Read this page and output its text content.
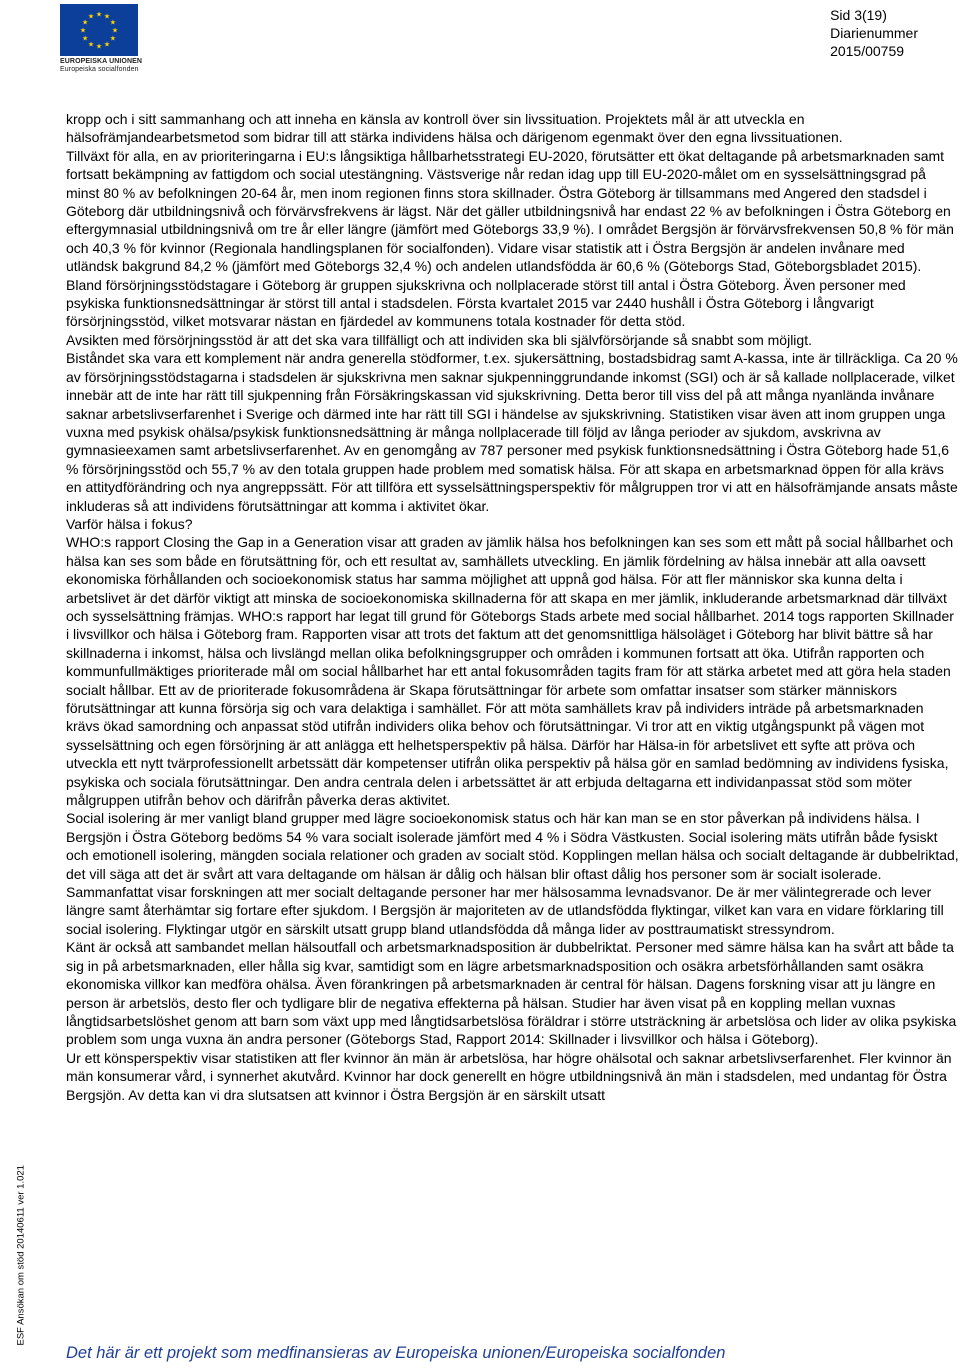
★ ★
★
★
★
★
★
★
★
★
★
★
EUROPEISKA UNIONEN
Europeiska socialfonden
Sid 3(19)
Diarienummer
2015/00759

kropp och i sitt sammanhang och att inneha en känsla av kontroll över sin livssituation. Projektets mål är att utveckla en hälsofrämjandearbetsmetod som bidrar till att stärka individens hälsa och därigenom egenmakt över den egna livssituationen.

Tillväxt för alla, en av prioriteringarna i EU:s långsiktiga hållbarhetsstrategi EU-2020, förutsätter ett ökat deltagande på arbetsmarknaden samt fortsatt bekämpning av fattigdom och social utestängning. Västsverige når redan idag upp till EU-2020-målet om en sysselsättningsgrad på minst 80 % av befolkningen 20-64 år, men inom regionen finns stora skillnader. Östra Göteborg är tillsammans med Angered den stadsdel i Göteborg där utbildningsnivå och förvärvsfrekvens är lägst. När det gäller utbildningsnivå har endast 22 % av befolkningen i Östra Göteborg en eftergymnasial utbildningsnivå om tre år eller längre (jämfört med Göteborgs 33,9 %). I området Bergsjön är förvärvsfrekvensen 50,8 % för män och 40,3 % för kvinnor (Regionala handlingsplanen för socialfonden). Vidare visar statistik att i Östra Bergsjön är andelen invånare med utländsk bakgrund 84,2 % (jämfört med Göteborgs 32,4 %) och andelen utlandsfödda är 60,6 % (Göteborgs Stad, Göteborgsbladet 2015).

Bland försörjningsstödstagare i Göteborg är gruppen sjukskrivna och nollplacerade störst till antal i Östra Göteborg. Även personer med psykiska funktionsnedsättningar är störst till antal i stadsdelen. Första kvartalet 2015 var 2440 hushåll i Östra Göteborg i långvarigt försörjningsstöd, vilket motsvarar nästan en fjärdedel av kommunens totala kostnader för detta stöd.

Avsikten med försörjningsstöd är att det ska vara tillfälligt och att individen ska bli självförsörjande så snabbt som möjligt.

Biståndet ska vara ett komplement när andra generella stödformer, t.ex. sjukersättning, bostadsbidrag samt A-kassa, inte är tillräckliga. Ca 20 % av försörjningsstödstagarna i stadsdelen är sjukskrivna men saknar sjukpenninggrundande inkomst (SGI) och är så kallade nollplacerade, vilket innebär att de inte har rätt till sjukpenning från Försäkringskassan vid sjukskrivning. Detta beror till viss del på att många nyanlända invånare saknar arbetslivserfarenhet i Sverige och därmed inte har rätt till SGI i händelse av sjukskrivning. Statistiken visar även att inom gruppen unga vuxna med psykisk ohälsa/psykisk funktionsnedsättning är många nollplacerade till följd av långa perioder av sjukdom, avskrivna av gymnasieexamen samt arbetslivserfarenhet. Av en genomgång av 787 personer med psykisk funktionsnedsättning i Östra Göteborg hade 51,6 % försörjningsstöd och 55,7 % av den totala gruppen hade problem med somatisk hälsa. För att skapa en arbetsmarknad öppen för alla krävs en attitydförändring och nya angreppssätt. För att tillföra ett sysselsättningsperspektiv för målgruppen tror vi att en hälsofrämjande ansats måste inkluderas så att individens förutsättningar att komma i aktivitet ökar.

Varför hälsa i fokus?

WHO:s rapport Closing the Gap in a Generation visar att graden av jämlik hälsa hos befolkningen kan ses som ett mått på social hållbarhet och hälsa kan ses som både en förutsättning för, och ett resultat av, samhällets utveckling. En jämlik fördelning av hälsa innebär att alla oavsett ekonomiska förhållanden och socioekonomisk status har samma möjlighet att uppnå god hälsa. För att fler människor ska kunna delta i arbetslivet är det därför viktigt att minska de socioekonomiska skillnaderna för att skapa en mer jämlik, inkluderande arbetsmarknad där tillväxt och sysselsättning främjas. WHO:s rapport har legat till grund för Göteborgs Stads arbete med social hållbarhet. 2014 togs rapporten Skillnader i livsvillkor och hälsa i Göteborg fram. Rapporten visar att trots det faktum att det genomsnittliga hälsoläget i Göteborg har blivit bättre så har skillnaderna i inkomst, hälsa och livslängd mellan olika befolkningsgrupper och områden i kommunen fortsatt att öka. Utifrån rapporten och kommunfullmäktiges prioriterade mål om social hållbarhet har ett antal fokusområden tagits fram för att stärka arbetet med att göra hela staden socialt hållbar. Ett av de prioriterade fokusområdena är Skapa förutsättningar för arbete som omfattar insatser som stärker människors förutsättningar att kunna försörja sig och vara delaktiga i samhället. För att möta samhällets krav på individers inträde på arbetsmarknaden krävs ökad samordning och anpassat stöd utifrån individers olika behov och förutsättningar. Vi tror att en viktig utgångspunkt på vägen mot sysselsättning och egen försörjning är att anlägga ett helhetsperspektiv på hälsa. Därför har Hälsa-in för arbetslivet ett syfte att pröva och utveckla ett nytt tvärprofessionellt arbetssätt där kompetenser utifrån olika perspektiv på hälsa gör en samlad bedömning av individens fysiska, psykiska och sociala förutsättningar. Den andra centrala delen i arbetssättet är att erbjuda deltagarna ett individanpassat stöd som möter målgruppen utifrån behov och därifrån påverka deras aktivitet.

Social isolering är mer vanligt bland grupper med lägre socioekonomisk status och här kan man se en stor påverkan på individens hälsa. I Bergsjön i Östra Göteborg bedöms 54 % vara socialt isolerade jämfört med 4 % i Södra Västkusten. Social isolering mäts utifrån både fysiskt och emotionell isolering, mängden sociala relationer och graden av socialt stöd. Kopplingen mellan hälsa och socialt deltagande är dubbelriktad, det vill säga att det är svårt att vara deltagande om hälsan är dålig och hälsan blir oftast dålig hos personer som är socialt isolerade. Sammanfattat visar forskningen att mer socialt deltagande personer har mer hälsosamma levnadsvanor. De är mer välintegrerade och lever längre samt återhämtar sig fortare efter sjukdom. I Bergsjön är majoriteten av de utlandsfödda flyktingar, vilket kan vara en vidare förklaring till social isolering. Flyktingar utgör en särskilt utsatt grupp bland utlandsfödda då många lider av posttraumatiskt stressyndrom.

Känt är också att sambandet mellan hälsoutfall och arbetsmarknadsposition är dubbelriktat. Personer med sämre hälsa kan ha svårt att både ta sig in på arbetsmarknaden, eller hålla sig kvar, samtidigt som en lägre arbetsmarknadsposition och osäkra arbetsförhållanden samt osäkra ekonomiska villkor kan medföra ohälsa. Även förankringen på arbetsmarknaden är central för hälsan. Dagens forskning visar att ju längre en person är arbetslös, desto fler och tydligare blir de negativa effekterna på hälsan. Studier har även visat på en koppling mellan vuxnas långtidsarbetslöshet genom att barn som växt upp med långtidsarbetslösa föräldrar i större utsträckning är arbetslösa och lider av olika psykiska problem som unga vuxna än andra personer (Göteborgs Stad, Rapport 2014: Skillnader i livsvillkor och hälsa i Göteborg).

Ur ett könsperspektiv visar statistiken att fler kvinnor än män är arbetslösa, har högre ohälsotal och saknar arbetslivserfarenhet. Fler kvinnor än män konsumerar vård, i synnerhet akutvård. Kvinnor har dock generellt en högre utbildningsnivå än män i stadsdelen, med undantag för Östra Bergsjön. Av detta kan vi dra slutsatsen att kvinnor i Östra Bergsjön är en särskilt utsatt

ESF Ansökan om stöd 20140611 ver 1.021
Det här är ett projekt som medfinansieras av Europeiska unionen/Europeiska socialfonden
